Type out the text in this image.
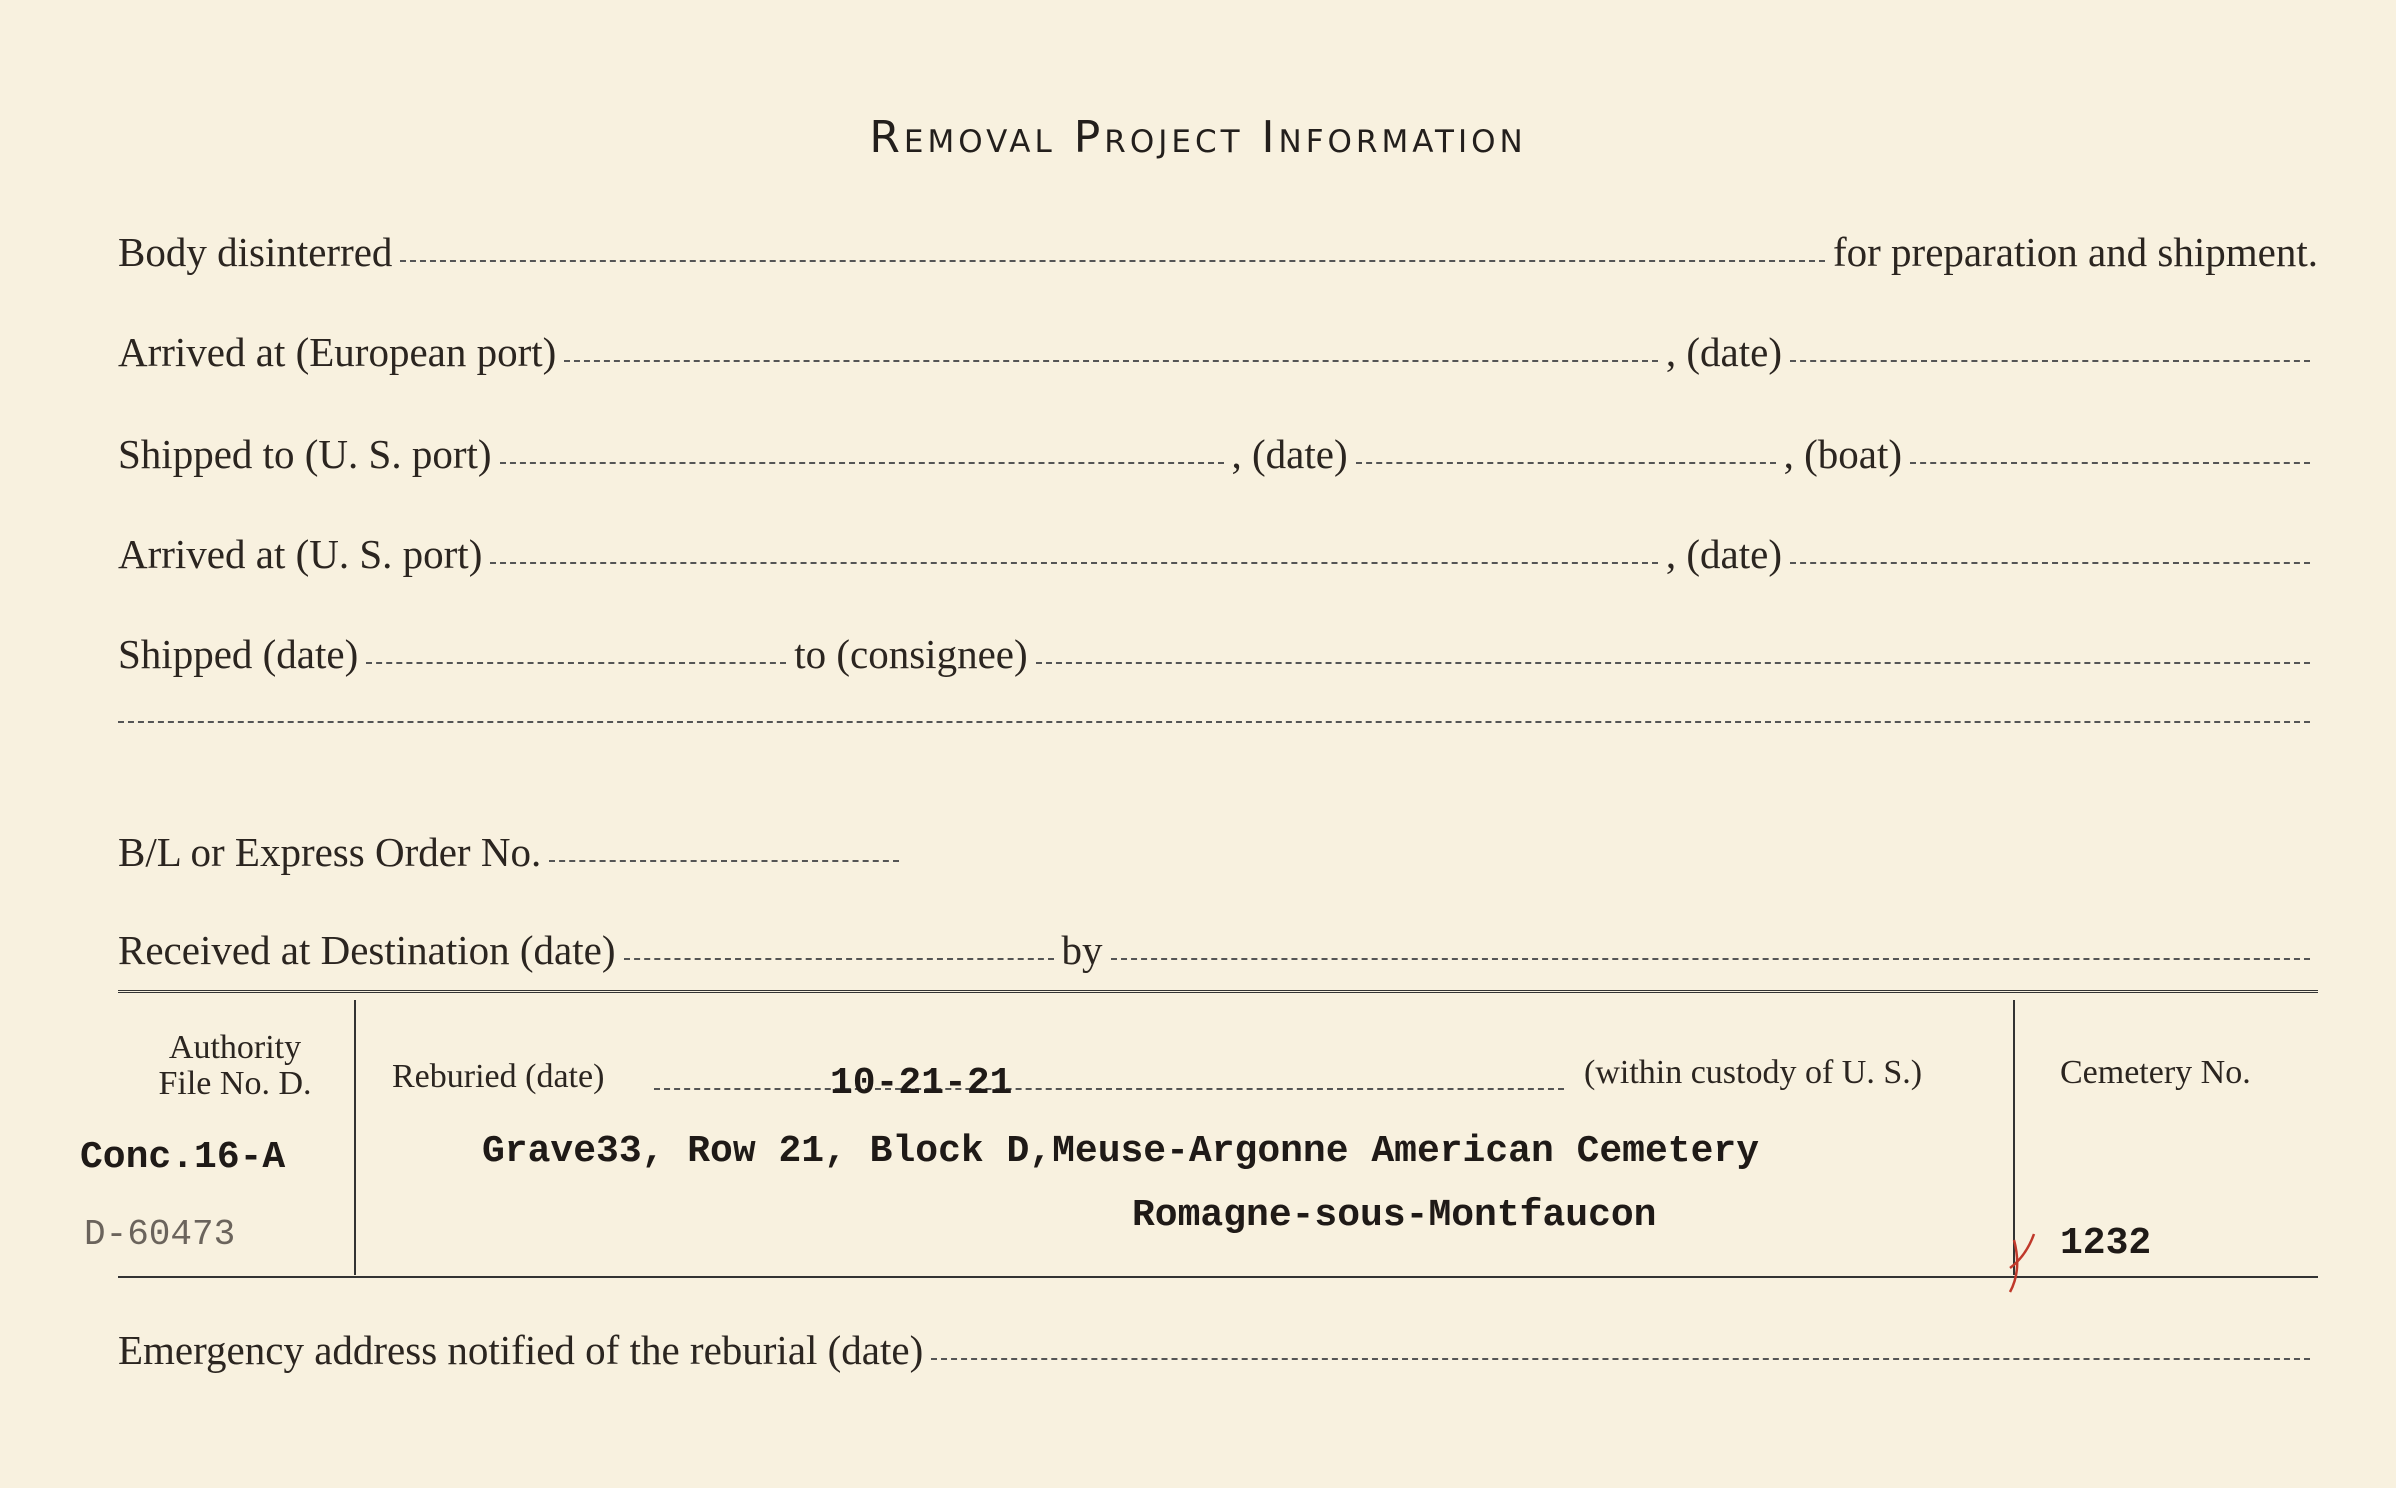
Removal Project Information
Body disinterred	for preparation and shipment.
Arrived at (European port)	, (date)
Shipped to (U. S. port)	, (date)	, (boat)
Arrived at (U. S. port)	, (date)
Shipped (date)	to (consignee)
B/L or Express Order No.
Received at Destination (date)	by
Authority
File No. D.
Conc.16-A
D-60473
Reburied (date)	10-21-21	(within custody of U. S.)
Grave33, Row 21, Block D,Meuse-Argonne American Cemetery
Romagne-sous-Montfaucon
Cemetery No.
1232
Emergency address notified of the reburial (date)
